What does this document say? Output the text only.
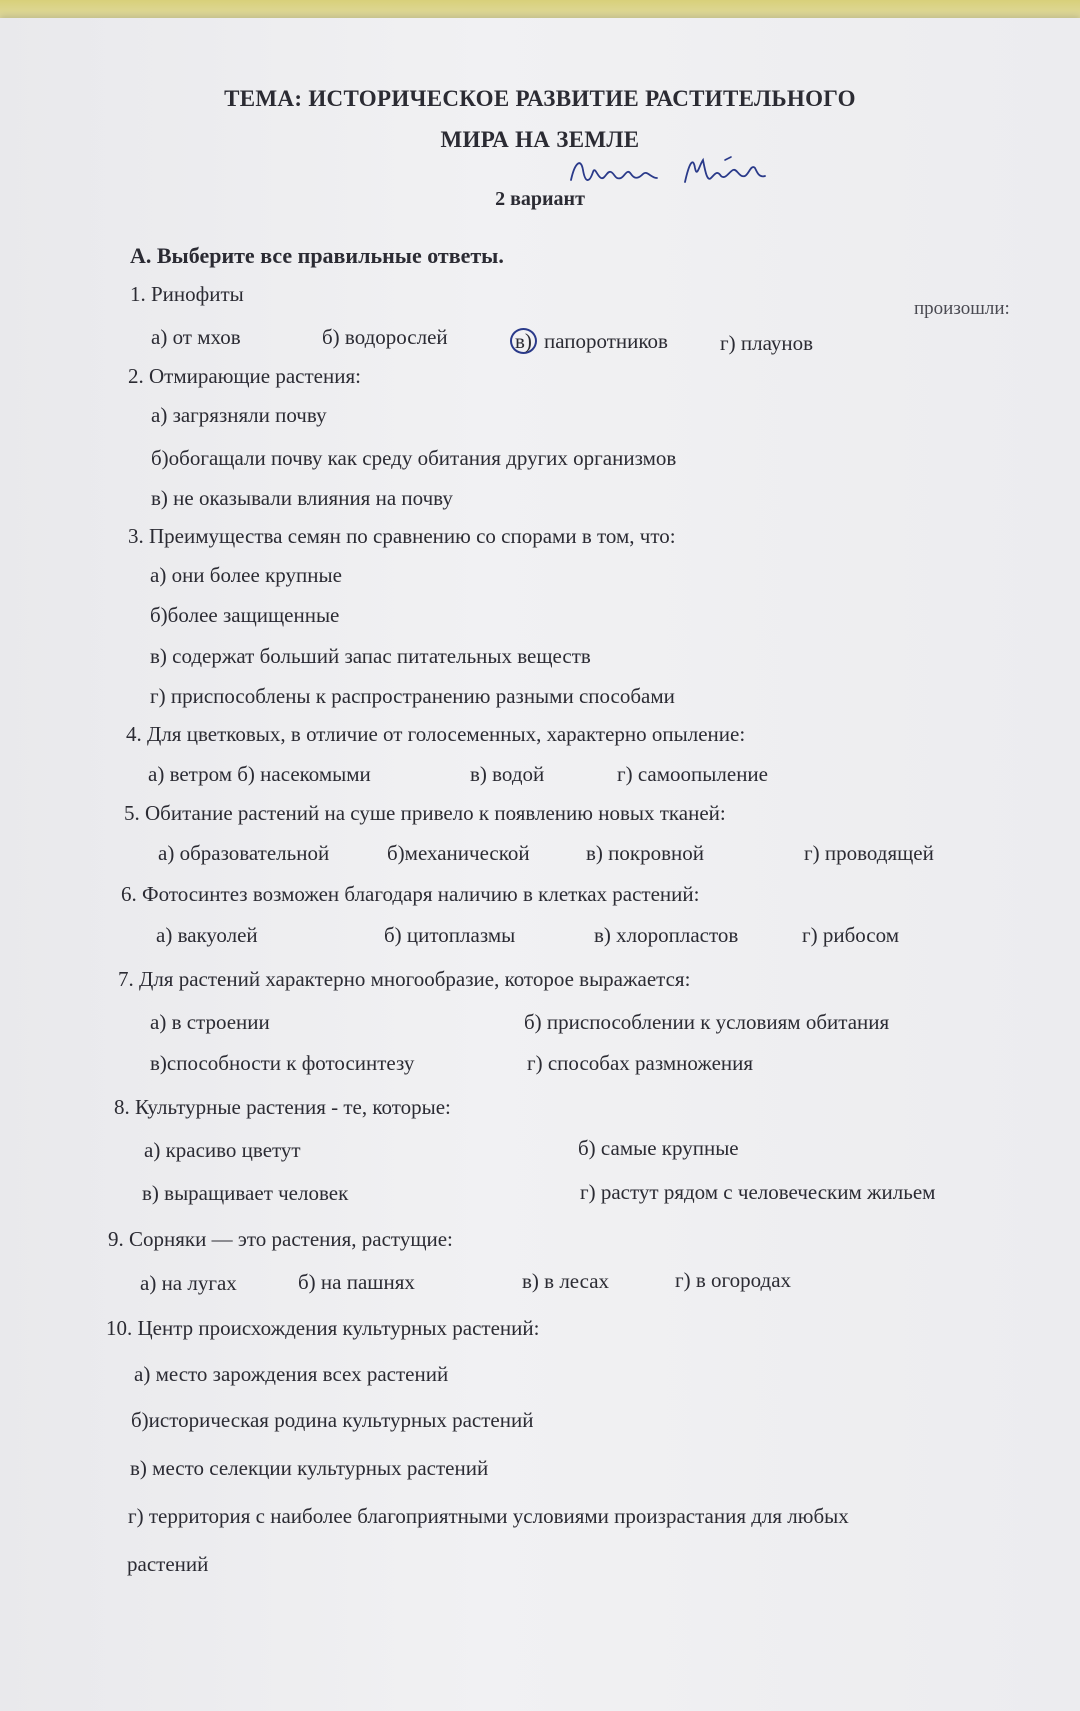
ТЕМА: ИСТОРИЧЕСКОЕ РАЗВИТИЕ РАСТИТЕЛЬНОГО
МИРА НА ЗЕМЛЕ
2 вариант
А. Выберите все правильные ответы.
произошли:
1. Ринофиты
а) от мхов	б) водорослей	в) папоротников г) плаунов
2. Отмирающие растения:
а) загрязняли почву
б)обогащали почву как среду обитания других организмов
в) не оказывали влияния на почву
3. Преимущества семян по сравнению со спорами в том, что:
а) они более крупные
б)более защищенные
в) содержат больший запас питательных веществ
г) приспособлены к распространению разными способами
4. Для цветковых, в отличие от голосеменных, характерно опыление:
а) ветром б) насекомыми	в) водой	г) самоопыление
5. Обитание растений на суше привело к появлению новых тканей:
а) образовательной	б)механической	в) покровной	г) проводящей
6. Фотосинтез возможен благодаря наличию в клетках растений:
а) вакуолей	б) цитоплазмы	в) хлоропластов	г) рибосом
7. Для растений характерно многообразие, которое выражается:
а) в строении	б) приспособлении к условиям обитания
в)способности к фотосинтезу	г) способах размножения
8. Культурные растения - те, которые:
а) красиво цветут	б) самые крупные
в) выращивает человек	г) растут рядом с человеческим жильем
9. Сорняки — это растения, растущие:
а) на лугах	б) на пашнях	в) в лесах	г) в огородах
10. Центр происхождения культурных растений:
а) место зарождения всех растений
б)историческая родина культурных растений
в) место селекции культурных растений
г) территория с наиболее благоприятными условиями произрастания для любых
растений
